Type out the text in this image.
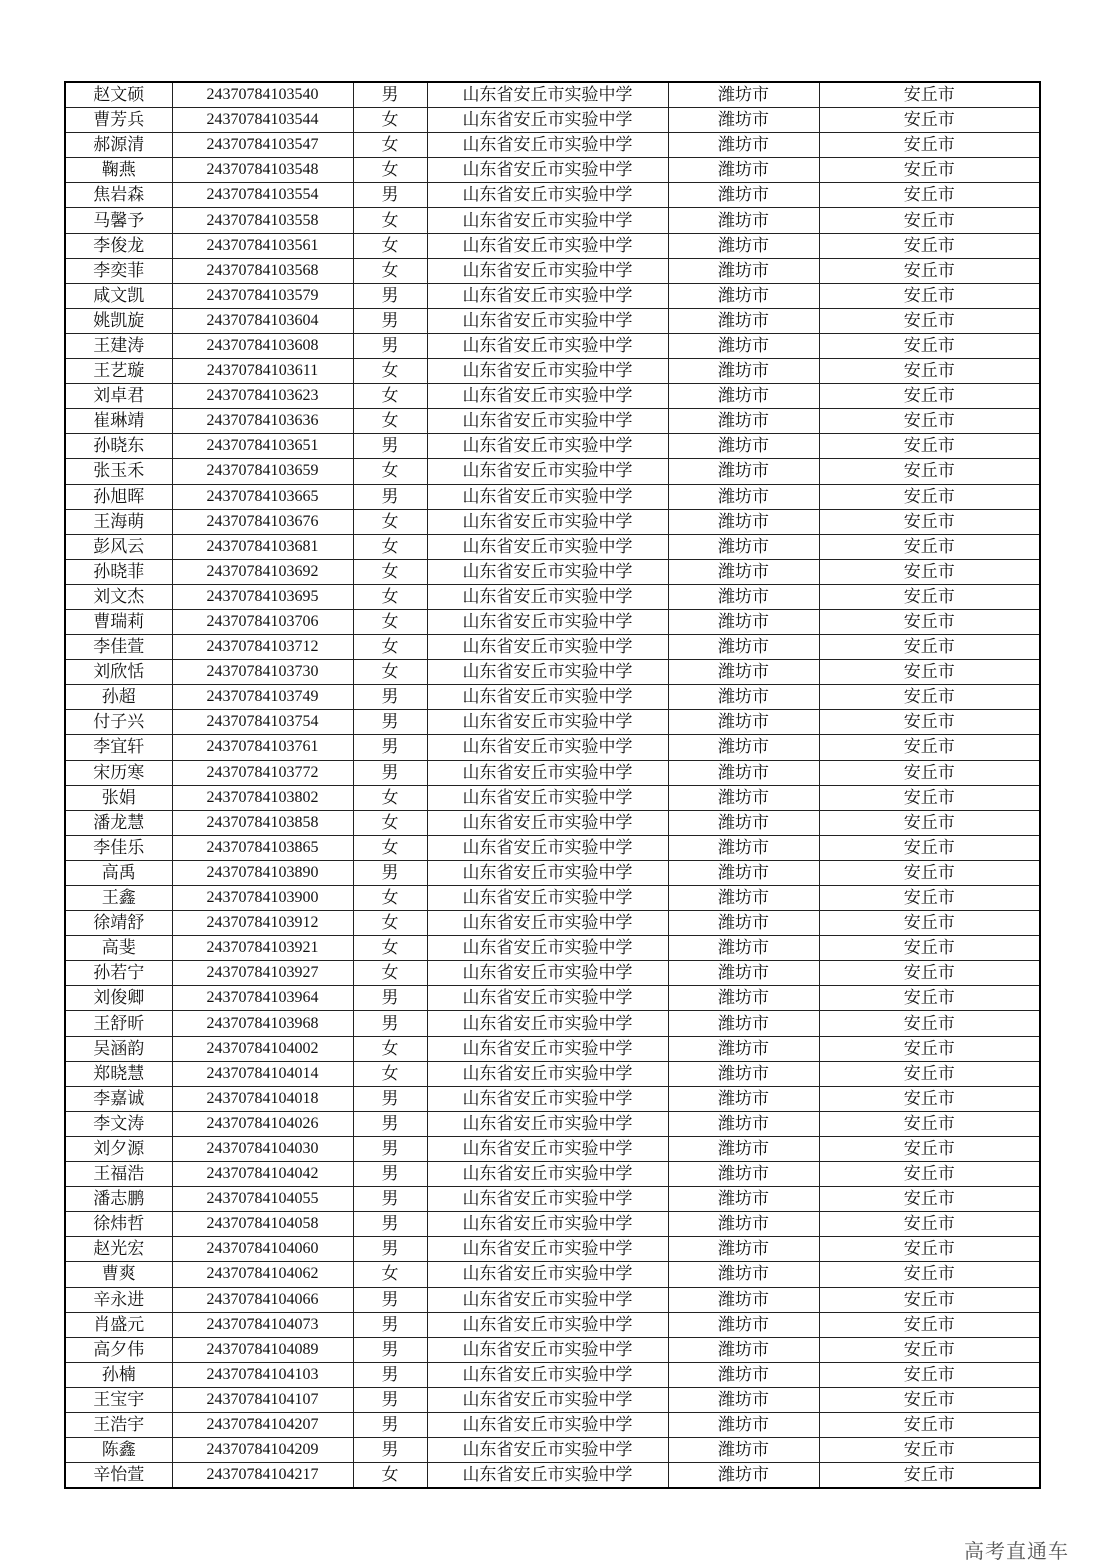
赵文硕	24370784103540	男	山东省安丘市实验中学	潍坊市	安丘市
曹芳兵	24370784103544	女	山东省安丘市实验中学	潍坊市	安丘市
郝源清	24370784103547	女	山东省安丘市实验中学	潍坊市	安丘市
鞠燕	24370784103548	女	山东省安丘市实验中学	潍坊市	安丘市
焦岩森	24370784103554	男	山东省安丘市实验中学	潍坊市	安丘市
马馨予	24370784103558	女	山东省安丘市实验中学	潍坊市	安丘市
李俊龙	24370784103561	女	山东省安丘市实验中学	潍坊市	安丘市
李奕菲	24370784103568	女	山东省安丘市实验中学	潍坊市	安丘市
咸文凯	24370784103579	男	山东省安丘市实验中学	潍坊市	安丘市
姚凯旋	24370784103604	男	山东省安丘市实验中学	潍坊市	安丘市
王建涛	24370784103608	男	山东省安丘市实验中学	潍坊市	安丘市
王艺璇	24370784103611	女	山东省安丘市实验中学	潍坊市	安丘市
刘卓君	24370784103623	女	山东省安丘市实验中学	潍坊市	安丘市
崔琳靖	24370784103636	女	山东省安丘市实验中学	潍坊市	安丘市
孙晓东	24370784103651	男	山东省安丘市实验中学	潍坊市	安丘市
张玉禾	24370784103659	女	山东省安丘市实验中学	潍坊市	安丘市
孙旭晖	24370784103665	男	山东省安丘市实验中学	潍坊市	安丘市
王海萌	24370784103676	女	山东省安丘市实验中学	潍坊市	安丘市
彭风云	24370784103681	女	山东省安丘市实验中学	潍坊市	安丘市
孙晓菲	24370784103692	女	山东省安丘市实验中学	潍坊市	安丘市
刘文杰	24370784103695	女	山东省安丘市实验中学	潍坊市	安丘市
曹瑞莉	24370784103706	女	山东省安丘市实验中学	潍坊市	安丘市
李佳萱	24370784103712	女	山东省安丘市实验中学	潍坊市	安丘市
刘欣恬	24370784103730	女	山东省安丘市实验中学	潍坊市	安丘市
孙超	24370784103749	男	山东省安丘市实验中学	潍坊市	安丘市
付子兴	24370784103754	男	山东省安丘市实验中学	潍坊市	安丘市
李宜轩	24370784103761	男	山东省安丘市实验中学	潍坊市	安丘市
宋历寒	24370784103772	男	山东省安丘市实验中学	潍坊市	安丘市
张娟	24370784103802	女	山东省安丘市实验中学	潍坊市	安丘市
潘龙慧	24370784103858	女	山东省安丘市实验中学	潍坊市	安丘市
李佳乐	24370784103865	女	山东省安丘市实验中学	潍坊市	安丘市
高禹	24370784103890	男	山东省安丘市实验中学	潍坊市	安丘市
王鑫	24370784103900	女	山东省安丘市实验中学	潍坊市	安丘市
徐靖舒	24370784103912	女	山东省安丘市实验中学	潍坊市	安丘市
高斐	24370784103921	女	山东省安丘市实验中学	潍坊市	安丘市
孙若宁	24370784103927	女	山东省安丘市实验中学	潍坊市	安丘市
刘俊卿	24370784103964	男	山东省安丘市实验中学	潍坊市	安丘市
王舒昕	24370784103968	男	山东省安丘市实验中学	潍坊市	安丘市
吴涵韵	24370784104002	女	山东省安丘市实验中学	潍坊市	安丘市
郑晓慧	24370784104014	女	山东省安丘市实验中学	潍坊市	安丘市
李嘉诚	24370784104018	男	山东省安丘市实验中学	潍坊市	安丘市
李文涛	24370784104026	男	山东省安丘市实验中学	潍坊市	安丘市
刘夕源	24370784104030	男	山东省安丘市实验中学	潍坊市	安丘市
王福浩	24370784104042	男	山东省安丘市实验中学	潍坊市	安丘市
潘志鹏	24370784104055	男	山东省安丘市实验中学	潍坊市	安丘市
徐炜哲	24370784104058	男	山东省安丘市实验中学	潍坊市	安丘市
赵光宏	24370784104060	男	山东省安丘市实验中学	潍坊市	安丘市
曹爽	24370784104062	女	山东省安丘市实验中学	潍坊市	安丘市
辛永进	24370784104066	男	山东省安丘市实验中学	潍坊市	安丘市
肖盛元	24370784104073	男	山东省安丘市实验中学	潍坊市	安丘市
高夕伟	24370784104089	男	山东省安丘市实验中学	潍坊市	安丘市
孙楠	24370784104103	男	山东省安丘市实验中学	潍坊市	安丘市
王宝宇	24370784104107	男	山东省安丘市实验中学	潍坊市	安丘市
王浩宇	24370784104207	男	山东省安丘市实验中学	潍坊市	安丘市
陈鑫	24370784104209	男	山东省安丘市实验中学	潍坊市	安丘市
辛怡萱	24370784104217	女	山东省安丘市实验中学	潍坊市	安丘市
高考直通车
